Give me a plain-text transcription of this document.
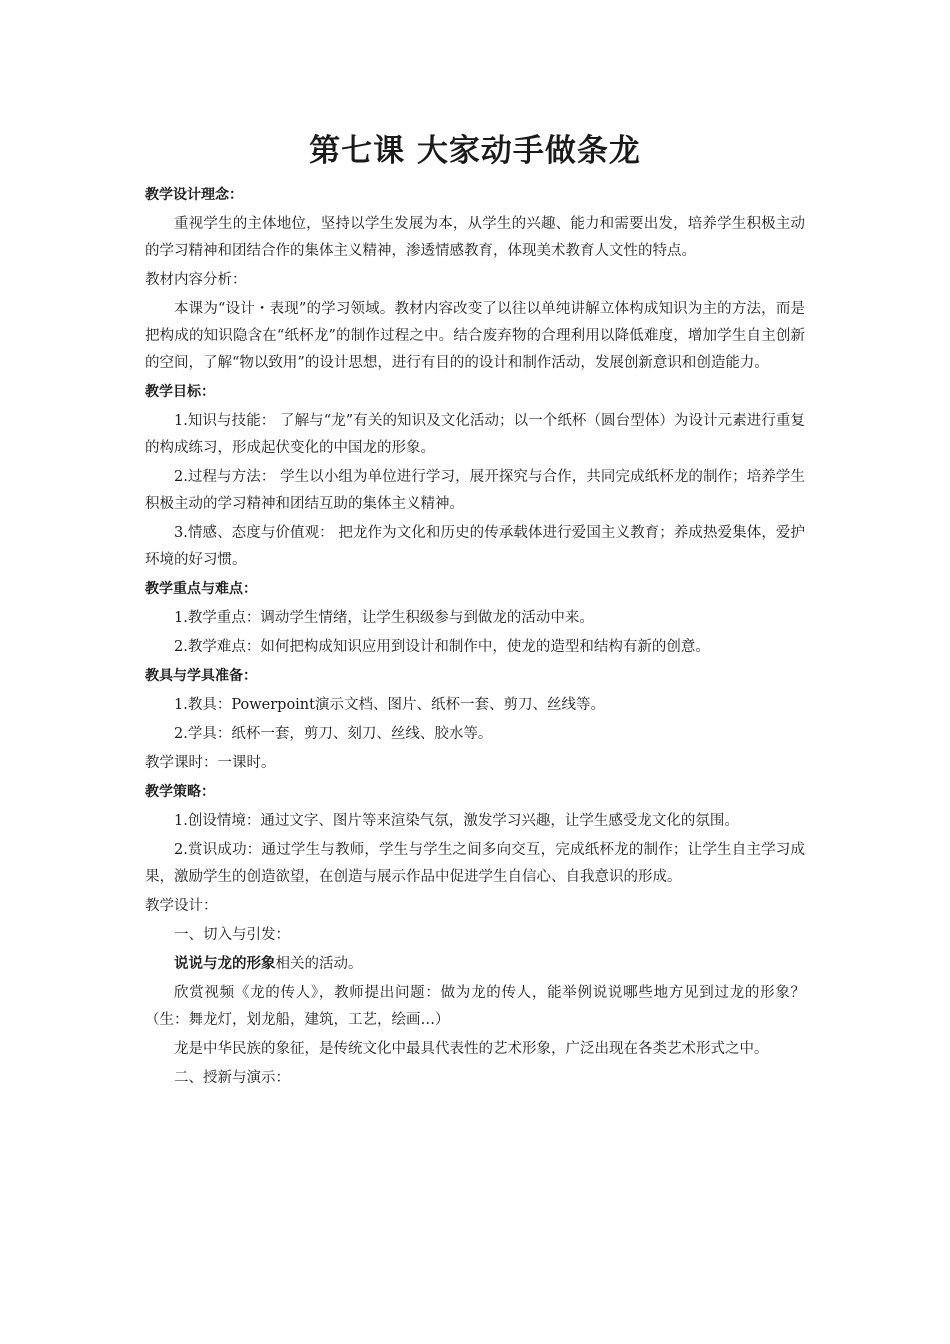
第七课 大家动手做条龙

教学设计理念：

重视学生的主体地位，坚持以学生发展为本，从学生的兴趣、能力和需要出发，培养学生积极主动的学习精神和团结合作的集体主义精神，渗透情感教育，体现美术教育人文性的特点。

教材内容分析：

本课为“设计・表现”的学习领域。教材内容改变了以往以单纯讲解立体构成知识为主的方法，而是把构成的知识隐含在“纸杯龙”的制作过程之中。结合废弃物的合理利用以降低难度，增加学生自主创新的空间，了解“物以致用”的设计思想，进行有目的的设计和制作活动，发展创新意识和创造能力。

教学目标：

1.知识与技能： 了解与“龙”有关的知识及文化活动；以一个纸杯（圆台型体）为设计元素进行重复的构成练习，形成起伏变化的中国龙的形象。

2.过程与方法： 学生以小组为单位进行学习，展开探究与合作，共同完成纸杯龙的制作；培养学生积极主动的学习精神和团结互助的集体主义精神。

3.情感、态度与价值观： 把龙作为文化和历史的传承载体进行爱国主义教育；养成热爱集体，爱护环境的好习惯。

教学重点与难点：

1.教学重点：调动学生情绪，让学生积级参与到做龙的活动中来。

2.教学难点：如何把构成知识应用到设计和制作中，使龙的造型和结构有新的创意。

教具与学具准备：

1.教具：Powerpoint演示文档、图片、纸杯一套、剪刀、丝线等。

2.学具：纸杯一套，剪刀、刻刀、丝线、胶水等。

教学课时：一课时。

教学策略：

1.创设情境：通过文字、图片等来渲染气氛，激发学习兴趣，让学生感受龙文化的氛围。

2.赏识成功：通过学生与教师，学生与学生之间多向交互，完成纸杯龙的制作；让学生自主学习成果，激励学生的创造欲望，在创造与展示作品中促进学生自信心、自我意识的形成。

教学设计：

一、切入与引发：

说说与龙的形象相关的活动。

欣赏视频《龙的传人》，教师提出问题：做为龙的传人，能举例说说哪些地方见到过龙的形象？（生：舞龙灯，划龙船，建筑，工艺，绘画…）

龙是中华民族的象征，是传统文化中最具代表性的艺术形象，广泛出现在各类艺术形式之中。

二、授新与演示：
